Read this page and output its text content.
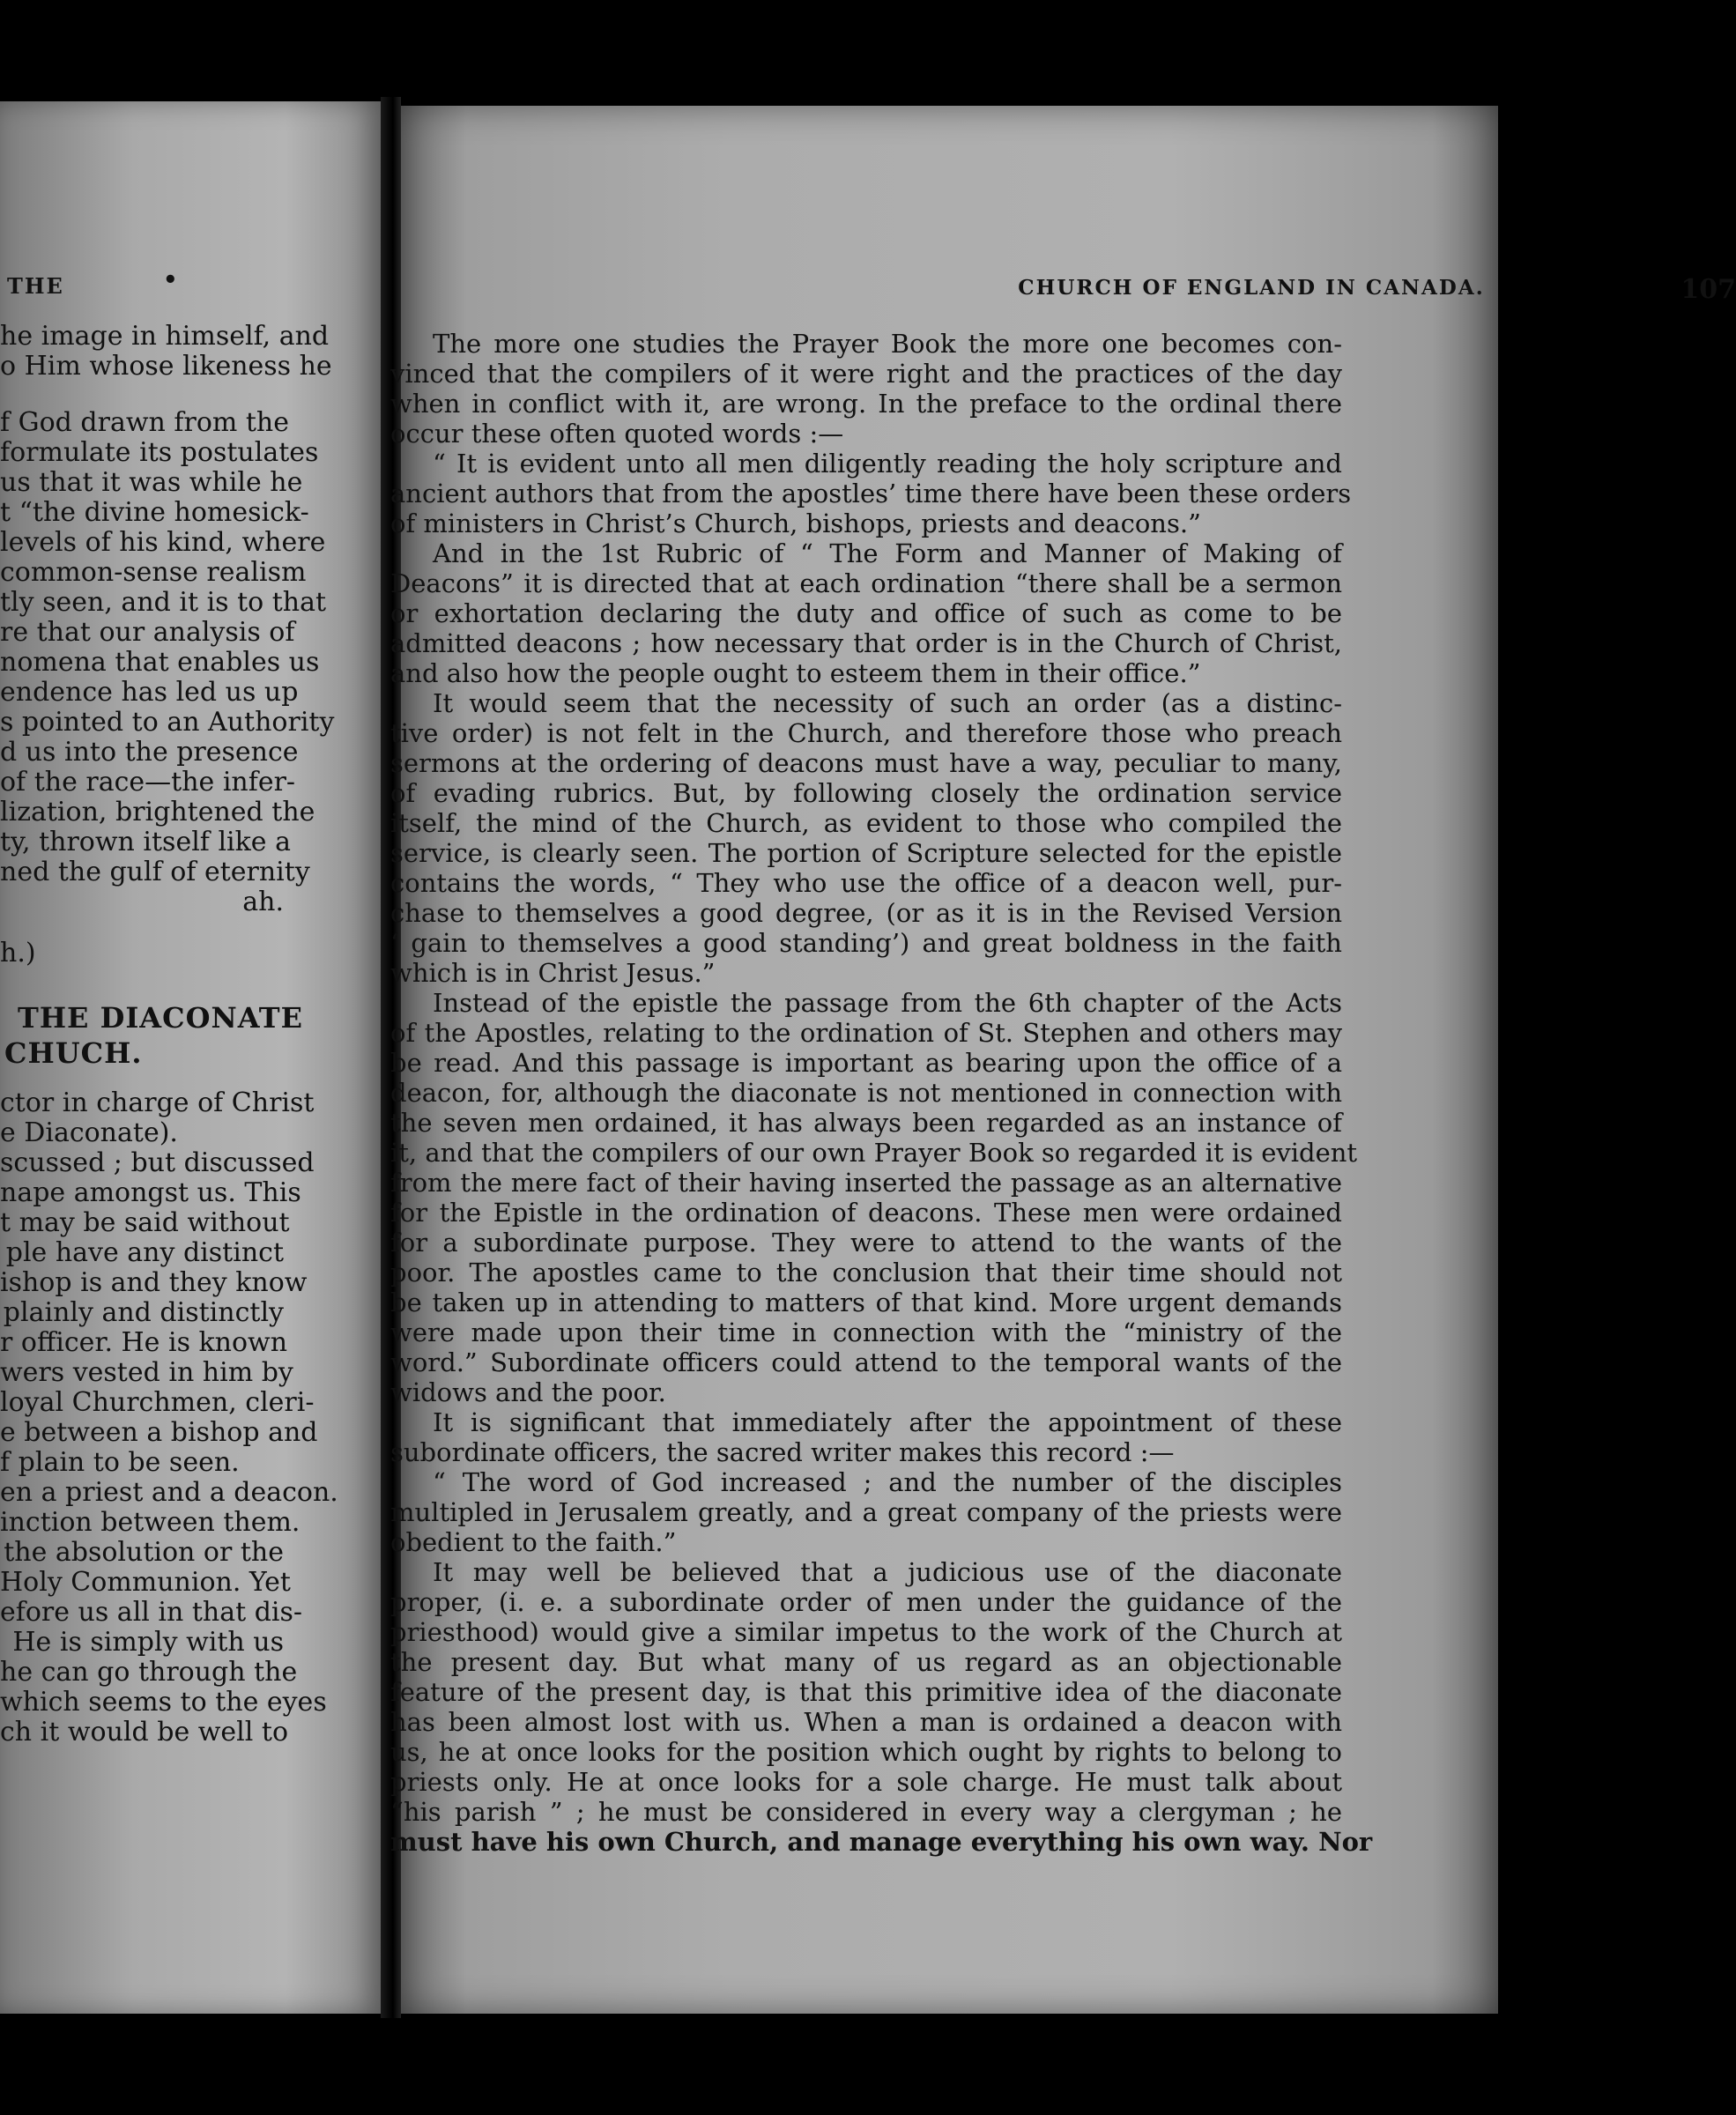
THE	•
he image in himself, and
o Him whose likeness he
f God drawn from the
formulate its postulates
us that it was while he
t “the divine homesick-
levels of his kind, where
common-sense realism
tly seen, and it is to that
re that our analysis of
nomena that enables us
endence has led us up
s pointed to an Authority
d us into the presence
of the race—the infer-
lization, brightened the
ty, thrown itself like a
ned the gulf of eternity
ah.
h.)
THE DIACONATE
CHUCH.
ctor in charge of Christ
e Diaconate).
scussed ; but discussed
nape amongst us. This
t may be said without
ple have any distinct
ishop is and they know
plainly and distinctly
r officer. He is known
wers vested in him by
loyal Churchmen, cleri-
e between a bishop and
f plain to be seen.
en a priest and a deacon.
inction between them.
the absolution or the
Holy Communion. Yet
efore us all in that dis-
He is simply with us
he can go through the
which seems to the eyes
ch it would be well to
CHURCH OF ENGLAND IN CANADA.	107
The more one studies the Prayer Book the more one becomes con-
vinced that the compilers of it were right and the practices of the day
when in conflict with it, are wrong. In the preface to the ordinal there
occur these often quoted words :—
“ It is evident unto all men diligently reading the holy scripture and
ancient authors that from the apostles’ time there have been these orders
of ministers in Christ’s Church, bishops, priests and deacons.”
And in the 1st Rubric of “ The Form and Manner of Making of
Deacons” it is directed that at each ordination “there shall be a sermon
or exhortation declaring the duty and office of such as come to be
admitted deacons ; how necessary that order is in the Church of Christ,
and also how the people ought to esteem them in their office.”
It would seem that the necessity of such an order (as a distinc-
tive order) is not felt in the Church, and therefore those who preach
sermons at the ordering of deacons must have a way, peculiar to many,
of evading rubrics. But, by following closely the ordination service
itself, the mind of the Church, as evident to those who compiled the
service, is clearly seen. The portion of Scripture selected for the epistle
contains the words, “ They who use the office of a deacon well, pur-
chase to themselves a good degree, (or as it is in the Revised Version
‘ gain to themselves a good standing’) and great boldness in the faith
which is in Christ Jesus.”
Instead of the epistle the passage from the 6th chapter of the Acts
of the Apostles, relating to the ordination of St. Stephen and others may
be read. And this passage is important as bearing upon the office of a
deacon, for, although the diaconate is not mentioned in connection with
the seven men ordained, it has always been regarded as an instance of
it, and that the compilers of our own Prayer Book so regarded it is evident
from the mere fact of their having inserted the passage as an alternative
for the Epistle in the ordination of deacons. These men were ordained
for a subordinate purpose. They were to attend to the wants of the
poor. The apostles came to the conclusion that their time should not
be taken up in attending to matters of that kind. More urgent demands
were made upon their time in connection with the “ministry of the
word.” Subordinate officers could attend to the temporal wants of the
widows and the poor.
It is significant that immediately after the appointment of these
subordinate officers, the sacred writer makes this record :—
“ The word of God increased ; and the number of the disciples
multipled in Jerusalem greatly, and a great company of the priests were
obedient to the faith.”
It may well be believed that a judicious use of the diaconate
proper, (i. e. a subordinate order of men under the guidance of the
priesthood) would give a similar impetus to the work of the Church at
the present day. But what many of us regard as an objectionable
feature of the present day, is that this primitive idea of the diaconate
has been almost lost with us. When a man is ordained a deacon with
us, he at once looks for the position which ought by rights to belong to
priests only. He at once looks for a sole charge. He must talk about
“his parish ” ; he must be considered in every way a clergyman ; he
must have his own Church, and manage everything his own way. Nor
